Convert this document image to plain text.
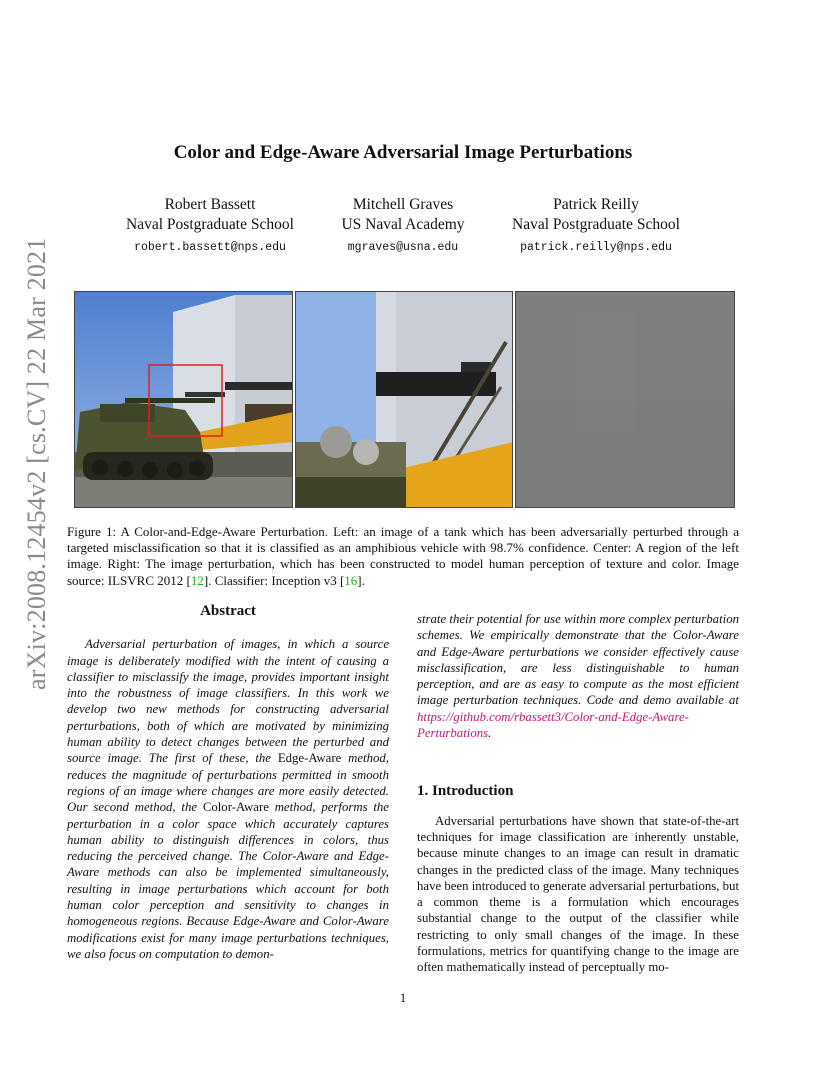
arXiv:2008.12454v2 [cs.CV] 22 Mar 2021
Color and Edge-Aware Adversarial Image Perturbations
Robert Bassett
Naval Postgraduate School
robert.bassett@nps.edu
Mitchell Graves
US Naval Academy
mgraves@usna.edu
Patrick Reilly
Naval Postgraduate School
patrick.reilly@nps.edu
Figure 1: A Color-and-Edge-Aware Perturbation. Left: an image of a tank which has been adversarially perturbed through a targeted misclassification so that it is classified as an amphibious vehicle with 98.7% confidence. Center: A region of the left image. Right: The image perturbation, which has been constructed to model human perception of texture and color. Image source: ILSVRC 2012 [12]. Classifier: Inception v3 [16].
Abstract

Adversarial perturbation of images, in which a source image is deliberately modified with the intent of causing a classifier to misclassify the image, provides important insight into the robustness of image classifiers. In this work we develop two new methods for constructing adversarial perturbations, both of which are motivated by minimizing human ability to detect changes between the perturbed and source image. The first of these, the Edge-Aware method, reduces the magnitude of perturbations permitted in smooth regions of an image where changes are more easily detected. Our second method, the Color-Aware method, performs the perturbation in a color space which accurately captures human ability to distinguish differences in colors, thus reducing the perceived change. The Color-Aware and Edge-Aware methods can also be implemented simultaneously, resulting in image perturbations which account for both human color perception and sensitivity to changes in homogeneous regions. Because Edge-Aware and Color-Aware modifications exist for many image perturbations techniques, we also focus on computation to demon-

strate their potential for use within more complex perturbation schemes. We empirically demonstrate that the Color-Aware and Edge-Aware perturbations we consider effectively cause misclassification, are less distinguishable to human perception, and are as easy to compute as the most efficient image perturbation techniques. Code and demo available at https://github.com/rbassett3/Color-and-Edge-Aware-Perturbations.

1. Introduction

Adversarial perturbations have shown that state-of-the-art techniques for image classification are inherently unstable, because minute changes to an image can result in dramatic changes in the predicted class of the image. Many techniques have been introduced to generate adversarial perturbations, but a common theme is a formulation which encourages substantial change to the output of the classifier while restricting to only small changes of the image. In these formulations, metrics for quantifying change to the image are often mathematically instead of perceptually mo-

1
